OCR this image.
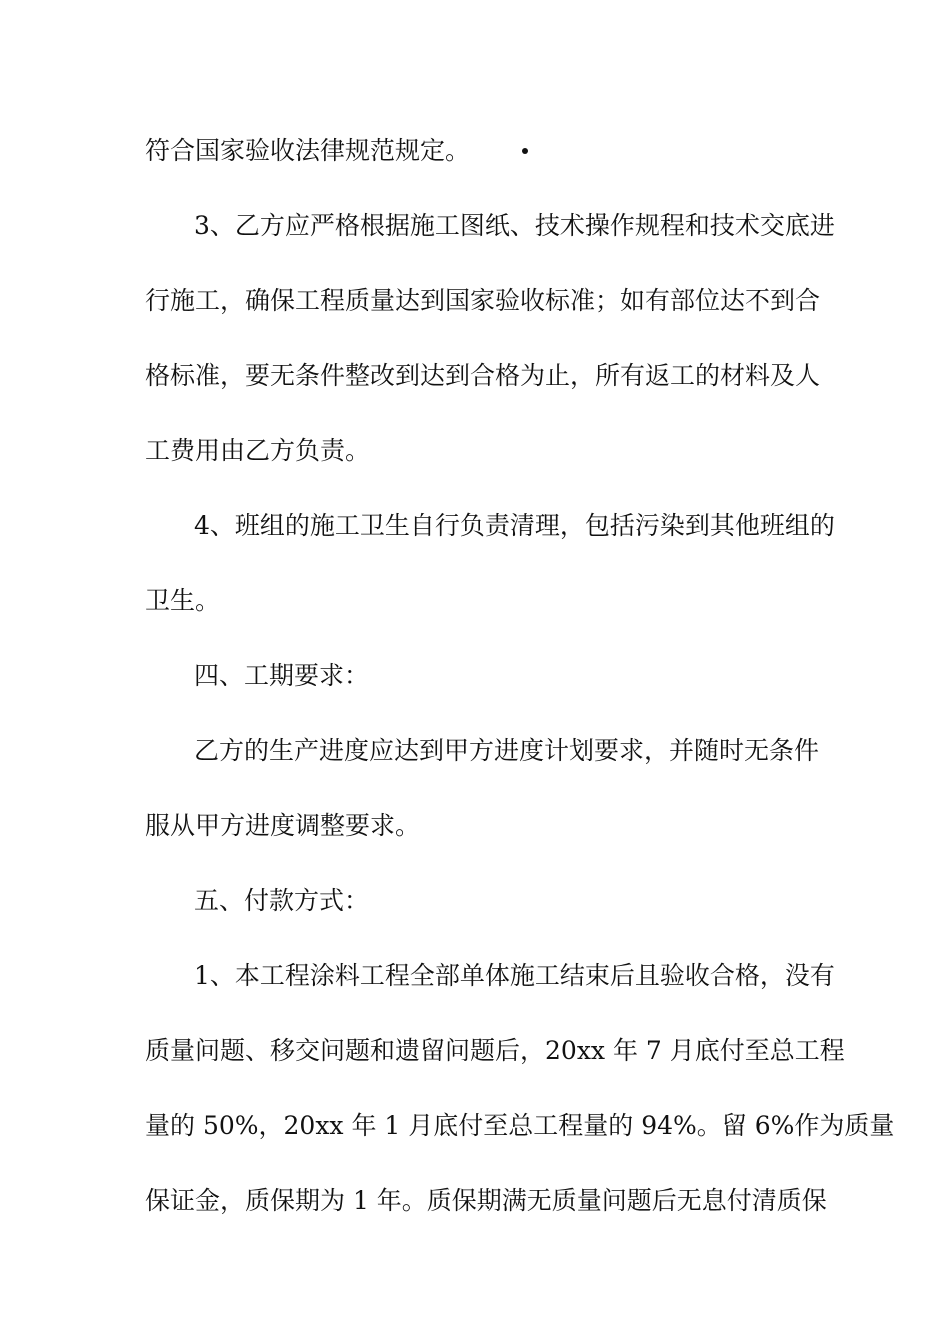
符合国家验收法律规范规定。
3、乙方应严格根据施工图纸、技术操作规程和技术交底进
行施工，确保工程质量达到国家验收标准；如有部位达不到合
格标准，要无条件整改到达到合格为止，所有返工的材料及人
工费用由乙方负责。
4、班组的施工卫生自行负责清理，包括污染到其他班组的
卫生。
四、工期要求：
乙方的生产进度应达到甲方进度计划要求，并随时无条件
服从甲方进度调整要求。
五、付款方式：
1、本工程涂料工程全部单体施工结束后且验收合格，没有
质量问题、移交问题和遗留问题后，20xx 年 7 月底付至总工程
量的 50%，20xx 年 1 月底付至总工程量的 94%。留 6%作为质量
保证金，质保期为 1 年。质保期满无质量问题后无息付清质保
